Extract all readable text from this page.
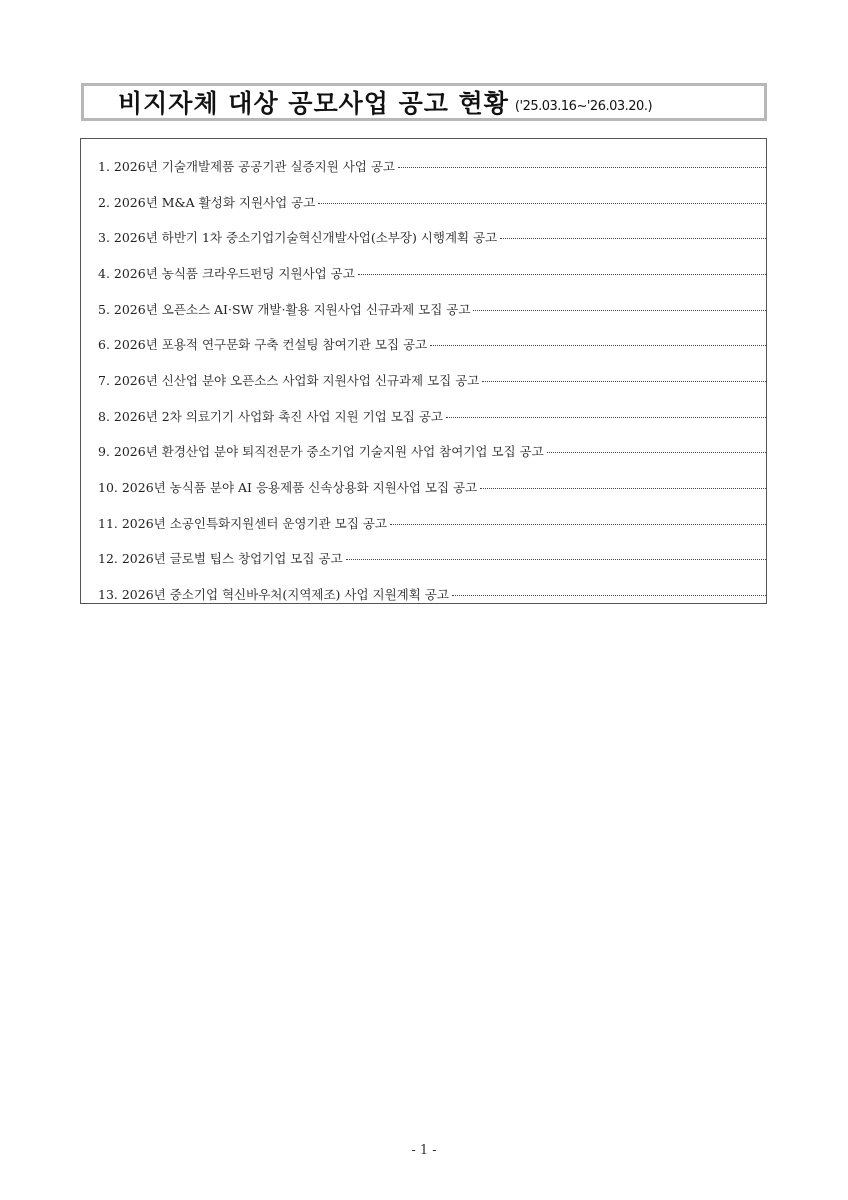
비지자체 대상 공모사업 공고 현황 ('25.03.16~'26.03.20.)
1. 2026년 기술개발제품 공공기관 실증지원 사업 공고
2. 2026년 M&A 활성화 지원사업 공고
3. 2026년 하반기 1차 중소기업기술혁신개발사업(소부장) 시행계획 공고
4. 2026년 농식품 크라우드펀딩 지원사업 공고
5. 2026년 오픈소스 AI·SW 개발·활용 지원사업 신규과제 모집 공고
6. 2026년 포용적 연구문화 구축 컨설팅 참여기관 모집 공고
7. 2026년 신산업 분야 오픈소스 사업화 지원사업 신규과제 모집 공고
8. 2026년 2차 의료기기 사업화 촉진 사업 지원 기업 모집 공고
9. 2026년 환경산업 분야 퇴직전문가 중소기업 기술지원 사업 참여기업 모집 공고
10. 2026년 농식품 분야 AI 응용제품 신속상용화 지원사업 모집 공고
11. 2026년 소공인특화지원센터 운영기관 모집 공고
12. 2026년 글로벌 팁스 창업기업 모집 공고
13. 2026년 중소기업 혁신바우처(지역제조) 사업 지원계획 공고
- 1 -
